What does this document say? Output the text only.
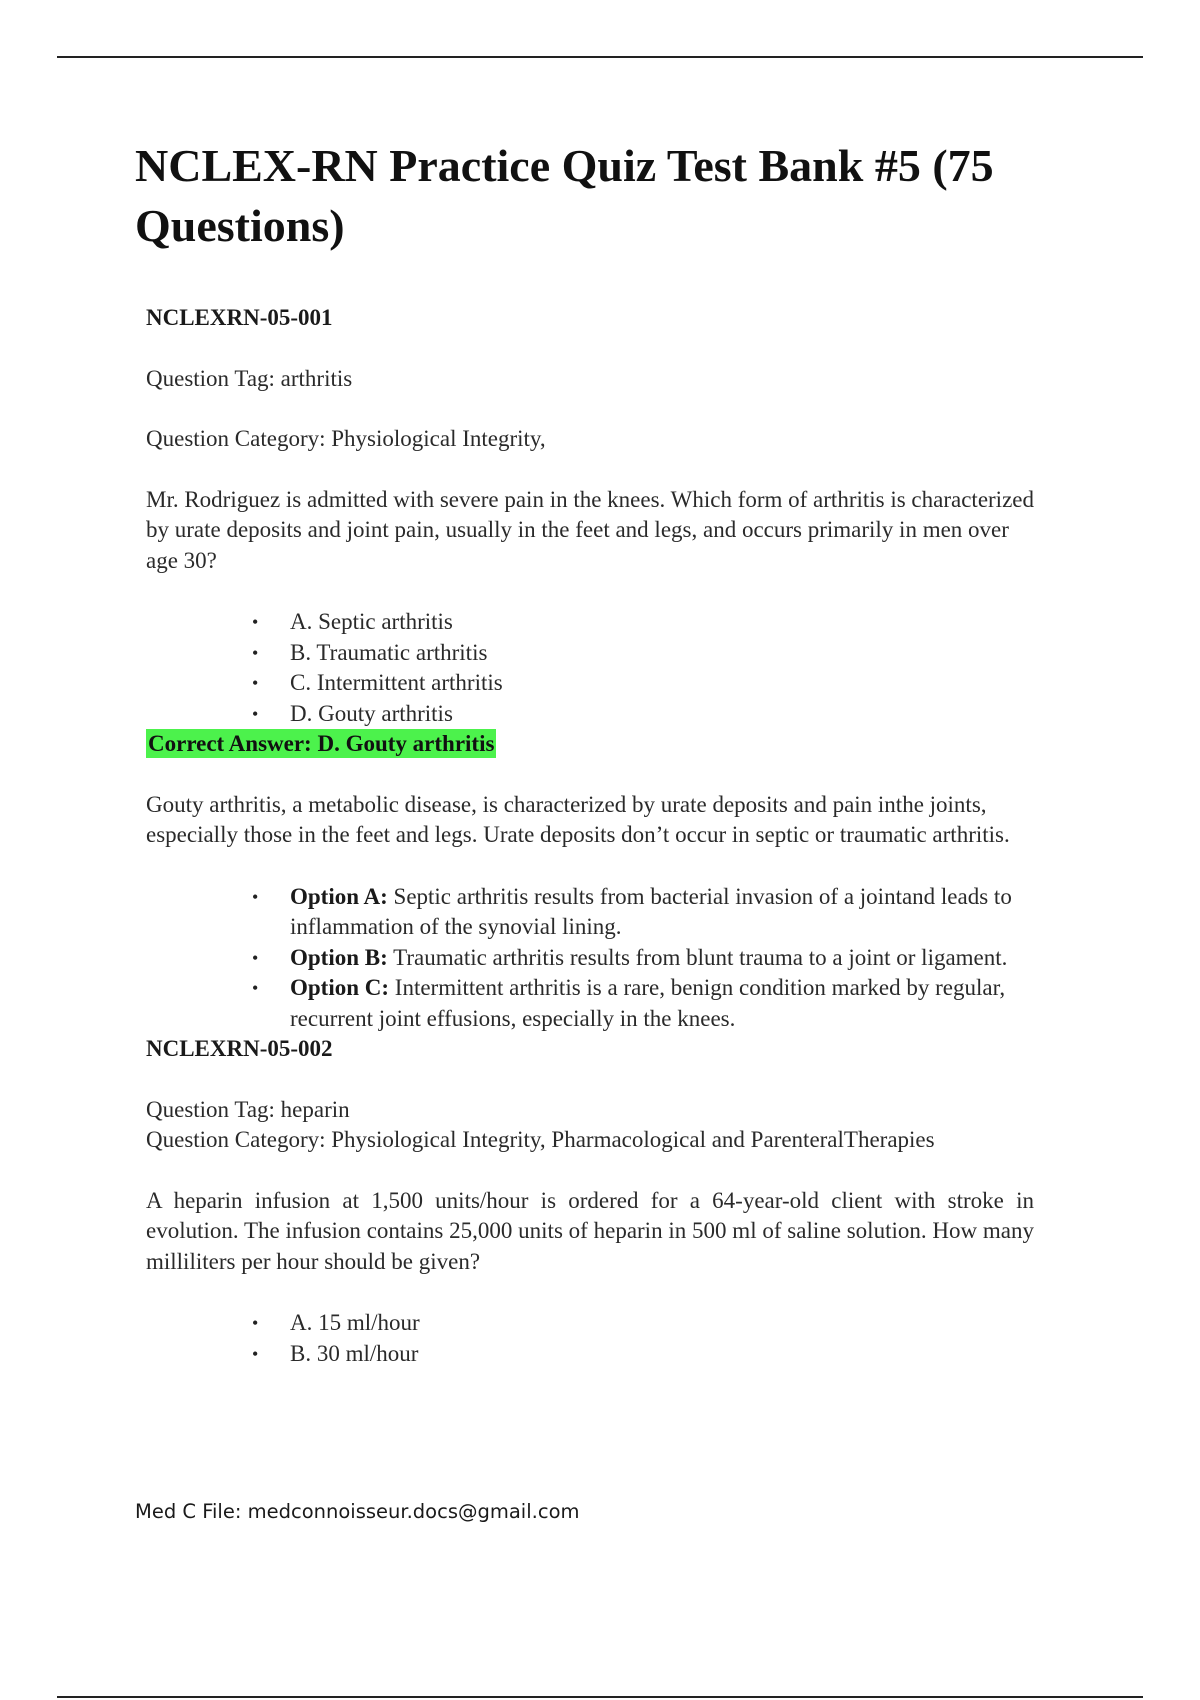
NCLEX-RN Practice Quiz Test Bank #5 (75 Questions)

NCLEXRN-05-001

Question Tag: arthritis

Question Category: Physiological Integrity,

Mr. Rodriguez is admitted with severe pain in the knees. Which form of arthritis is characterized by urate deposits and joint pain, usually in the feet and legs, and occurs primarily in men over age 30?

• A. Septic arthritis
• B. Traumatic arthritis
• C. Intermittent arthritis
• D. Gouty arthritis

Correct Answer: D. Gouty arthritis

Gouty arthritis, a metabolic disease, is characterized by urate deposits and pain inthe joints, especially those in the feet and legs. Urate deposits don’t occur in septic or traumatic arthritis.

• Option A: Septic arthritis results from bacterial invasion of a jointand leads to inflammation of the synovial lining.
• Option B: Traumatic arthritis results from blunt trauma to a joint or ligament.
• Option C: Intermittent arthritis is a rare, benign condition marked by regular, recurrent joint effusions, especially in the knees.

NCLEXRN-05-002

Question Tag: heparin

Question Category: Physiological Integrity, Pharmacological and ParenteralTherapies

A heparin infusion at 1,500 units/hour is ordered for a 64-year-old client with stroke in evolution. The infusion contains 25,000 units of heparin in 500 ml of saline solution. How many milliliters per hour should be given?

• A. 15 ml/hour
• B. 30 ml/hour
Med C File: medconnoisseur.docs@gmail.com
